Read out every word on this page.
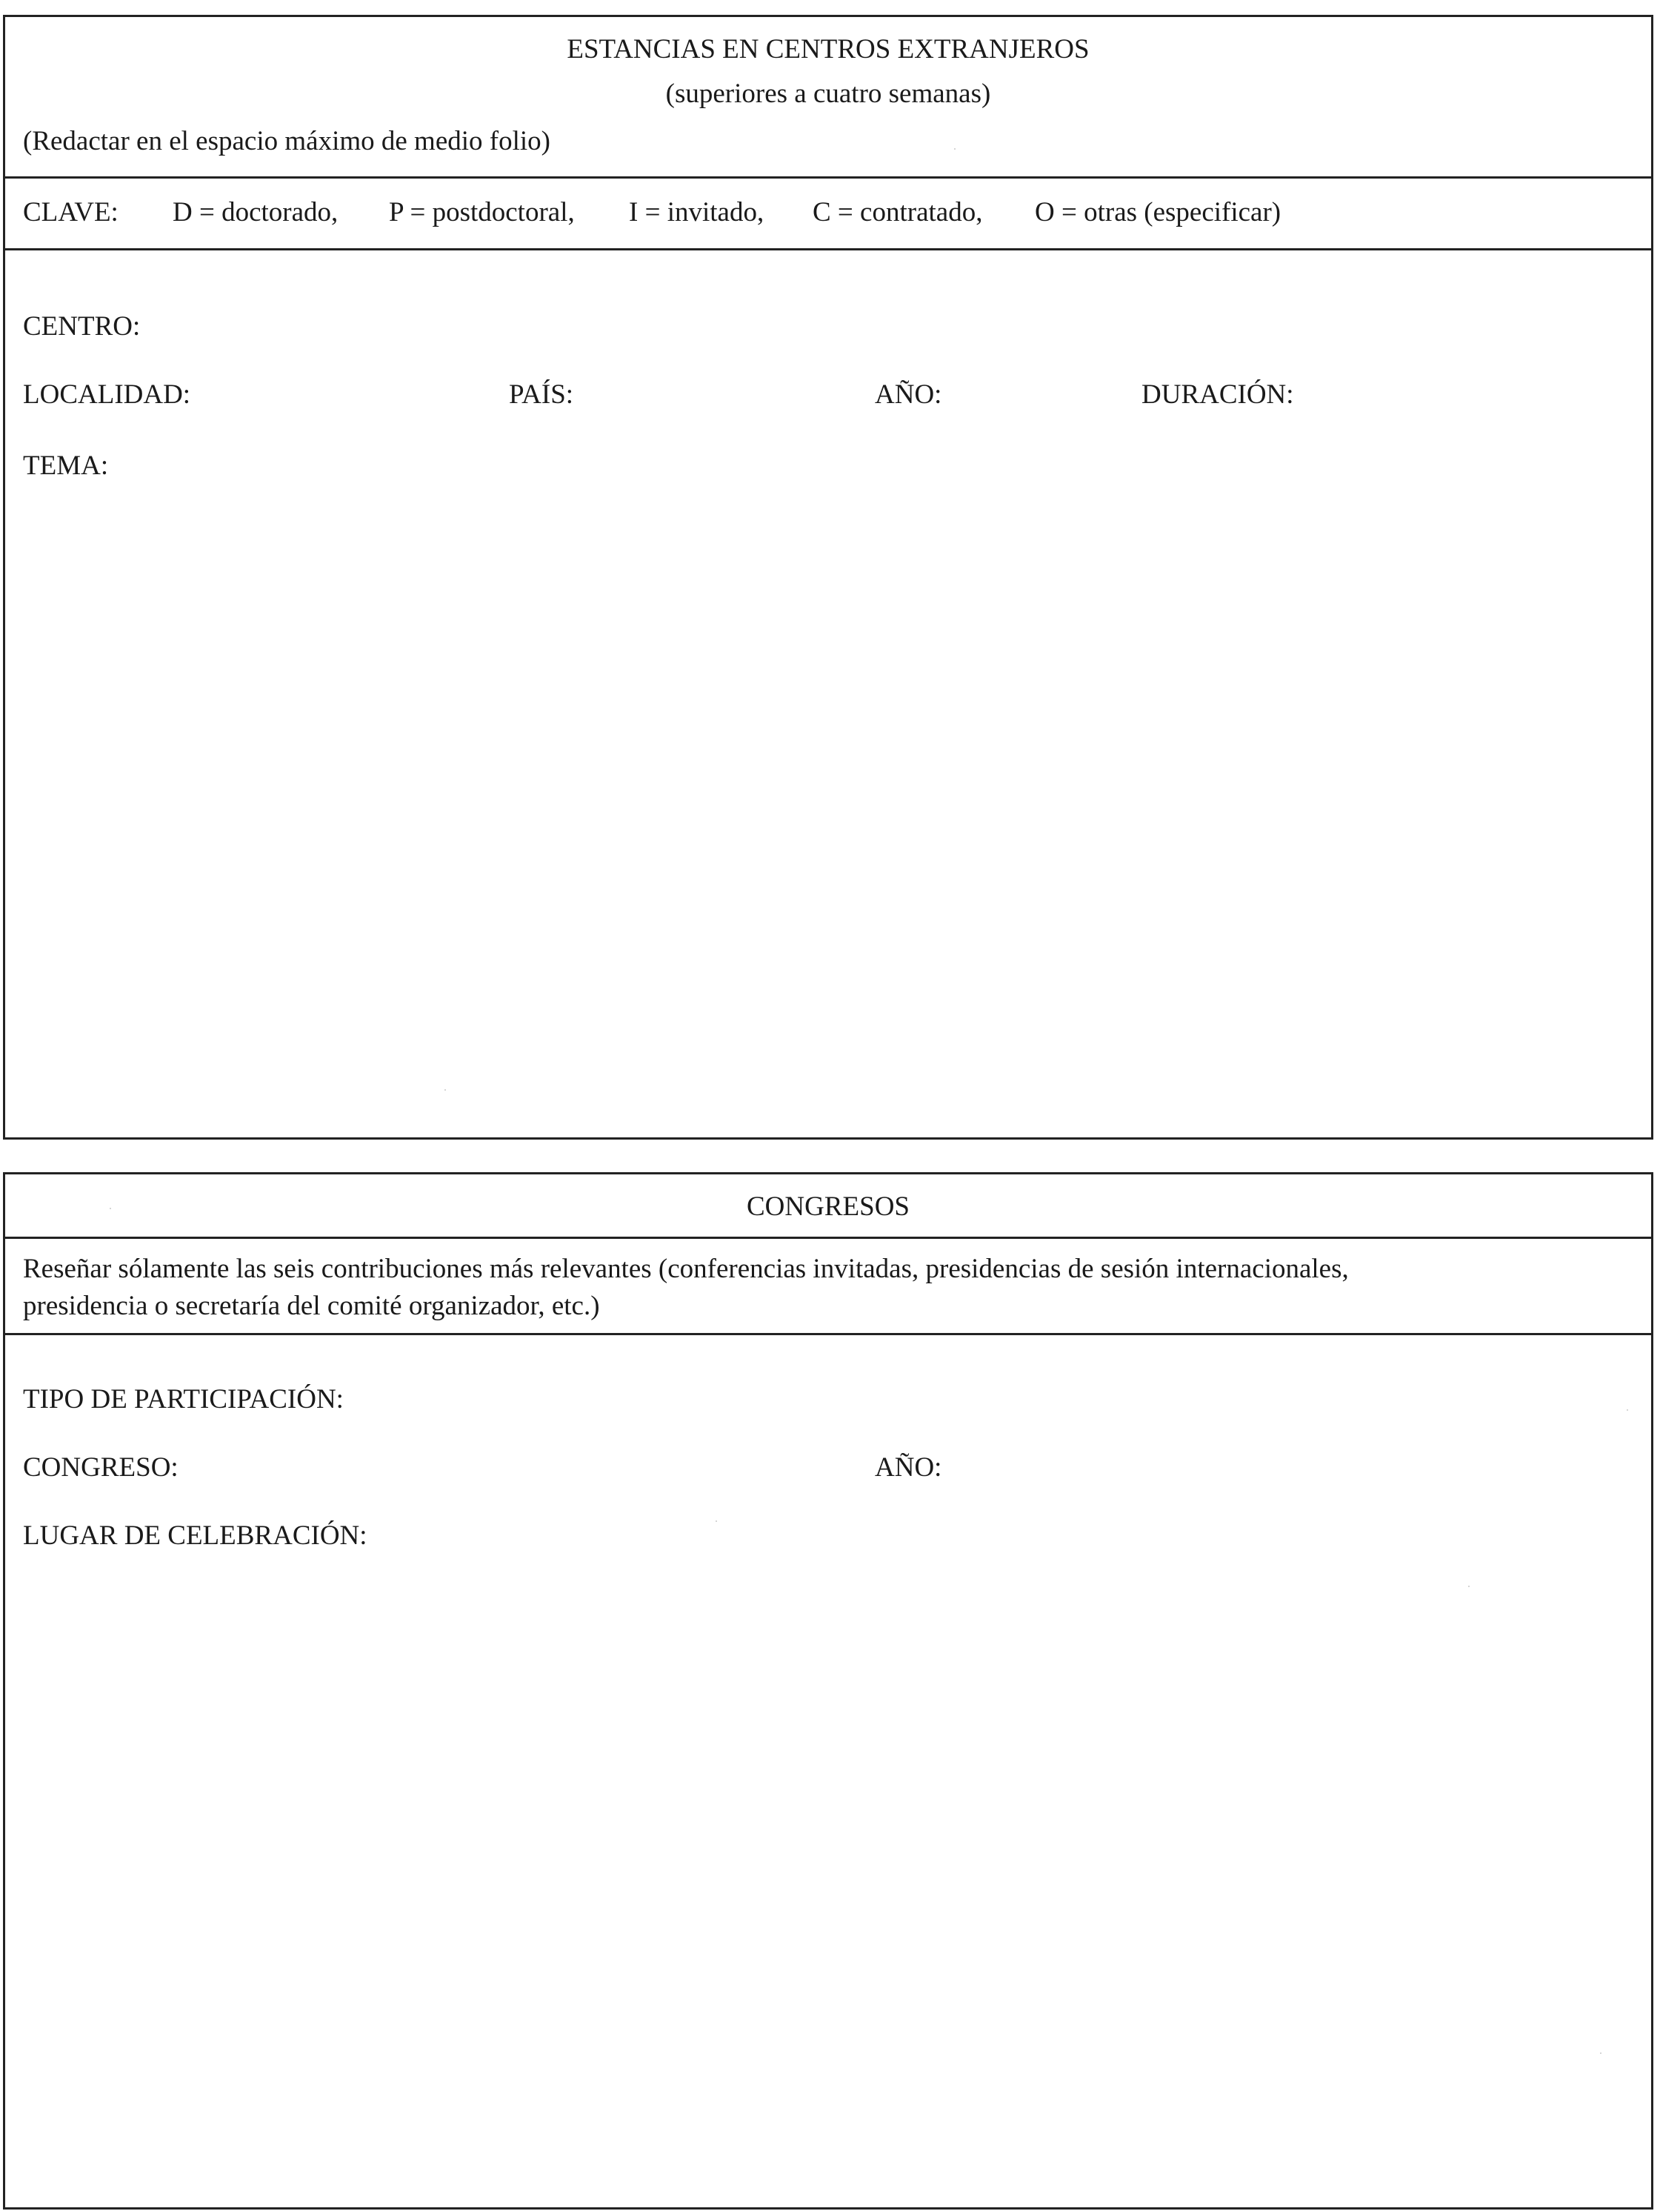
ESTANCIAS EN CENTROS EXTRANJEROS
(superiores a cuatro semanas)
(Redactar en el espacio máximo de medio folio)
CLAVE: D = doctorado, P = postdoctoral, I = invitado, C = contratado, O = otras (especificar)
CENTRO:
LOCALIDAD:	PAÍS:	AÑO:	DURACIÓN:
TEMA:
CONGRESOS
Reseñar sólamente las seis contribuciones más relevantes (conferencias invitadas, presidencias de sesión internacionales,
presidencia o secretaría del comité organizador, etc.)
TIPO DE PARTICIPACIÓN:
CONGRESO:	AÑO:
LUGAR DE CELEBRACIÓN:
